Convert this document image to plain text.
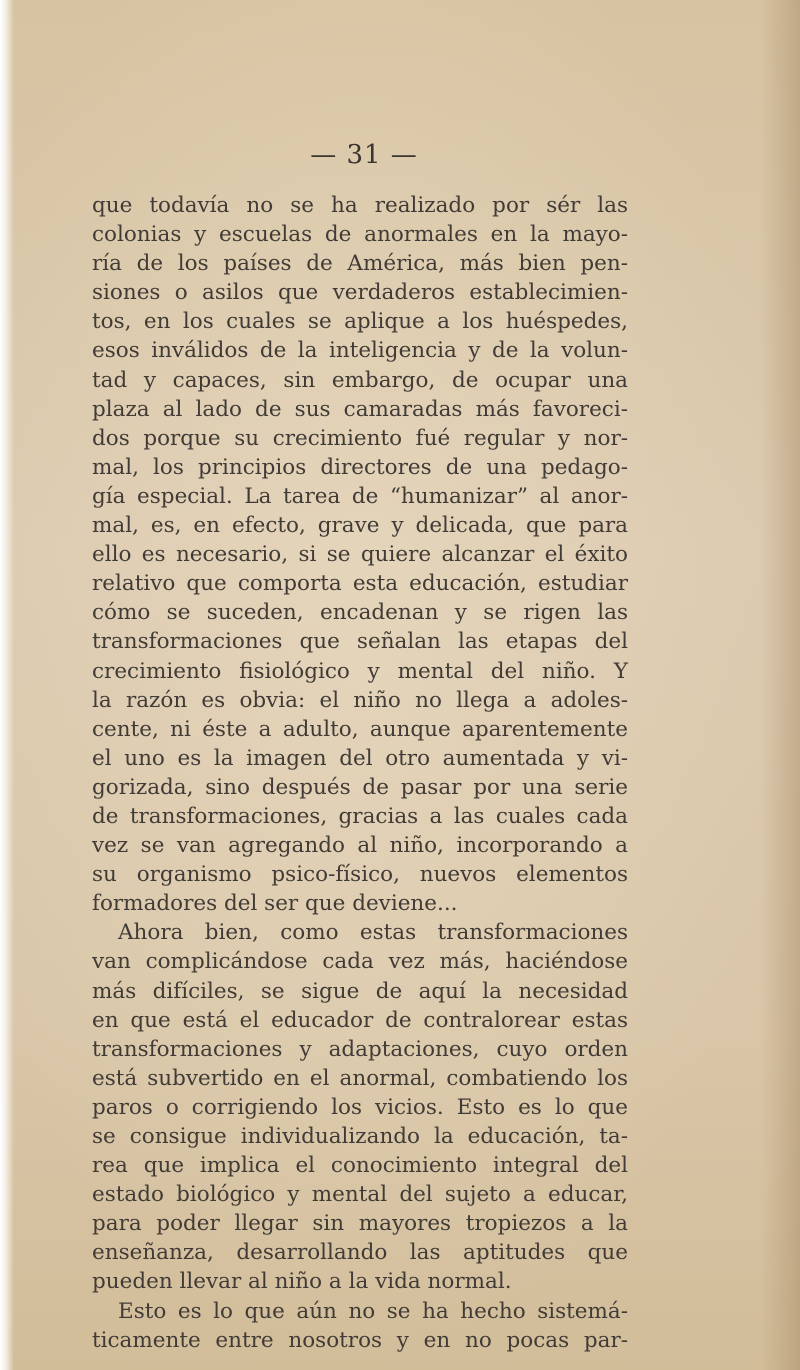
— 31 —
que todavía no se ha realizado por sér las
colonias y escuelas de anormales en la mayo-
ría de los países de América, más bien pen-
siones o asilos que verdaderos establecimien-
tos, en los cuales se aplique a los huéspedes,
esos inválidos de la inteligencia y de la volun-
tad y capaces, sin embargo, de ocupar una
plaza al lado de sus camaradas más favoreci-
dos porque su crecimiento fué regular y nor-
mal, los principios directores de una pedago-
gía especial. La tarea de “humanizar” al anor-
mal, es, en efecto, grave y delicada, que para
ello es necesario, si se quiere alcanzar el éxito
relativo que comporta esta educación, estudiar
cómo se suceden, encadenan y se rigen las
transformaciones que señalan las etapas del
crecimiento fisiológico y mental del niño. Y
la razón es obvia: el niño no llega a adoles-
cente, ni éste a adulto, aunque aparentemente
el uno es la imagen del otro aumentada y vi-
gorizada, sino después de pasar por una serie
de transformaciones, gracias a las cuales cada
vez se van agregando al niño, incorporando a
su organismo psico-físico, nuevos elementos
formadores del ser que deviene...
Ahora bien, como estas transformaciones
van complicándose cada vez más, haciéndose
más difíciles, se sigue de aquí la necesidad
en que está el educador de contralorear estas
transformaciones y adaptaciones, cuyo orden
está subvertido en el anormal, combatiendo los
paros o corrigiendo los vicios. Esto es lo que
se consigue individualizando la educación, ta-
rea que implica el conocimiento integral del
estado biológico y mental del sujeto a educar,
para poder llegar sin mayores tropiezos a la
enseñanza, desarrollando las aptitudes que
pueden llevar al niño a la vida normal.
Esto es lo que aún no se ha hecho sistemá-
ticamente entre nosotros y en no pocas par-
